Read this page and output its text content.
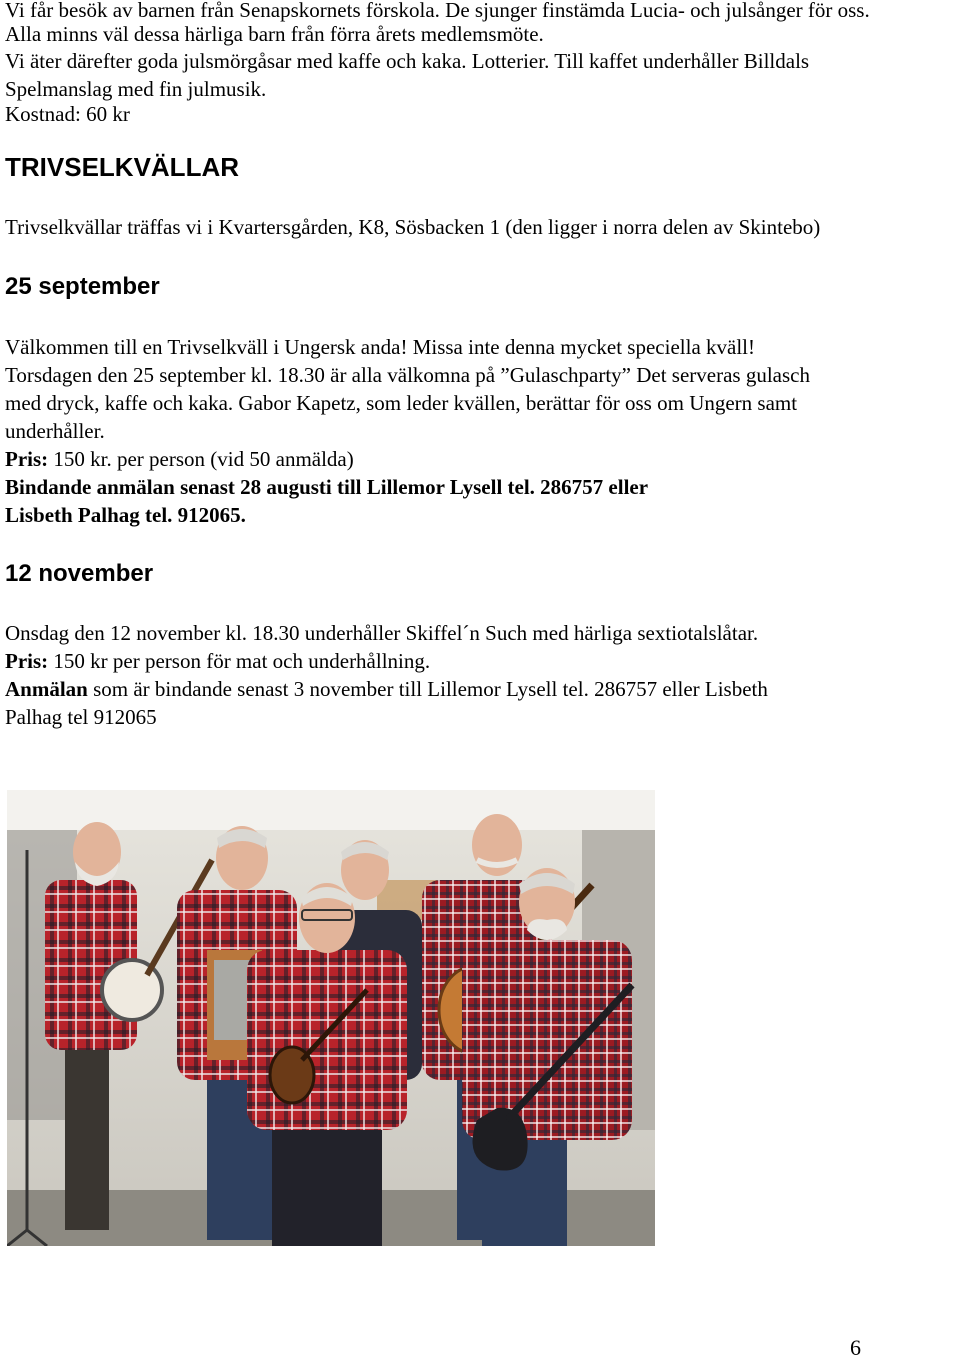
Vi får besök av barnen från Senapskornets förskola. De sjunger finstämda Lucia- och julsånger för oss.

Alla minns väl dessa härliga barn från förra årets medlemsmöte.

Vi äter därefter goda julsmörgåsar med kaffe och kaka. Lotterier. Till kaffet underhåller Billdals

Spelmanslag med fin julmusik.

Kostnad: 60 kr

TRIVSELKVÄLLAR

Trivselkvällar träffas vi i Kvartersgården, K8, Sösbacken 1 (den ligger i norra delen av Skintebo)

25 september

Välkommen till en Trivselkväll i Ungersk anda! Missa inte denna mycket speciella kväll!

Torsdagen den 25 september kl. 18.30 är alla välkomna på ”Gulaschparty” Det serveras gulasch

med dryck, kaffe och kaka. Gabor Kapetz, som leder kvällen, berättar för oss om Ungern samt

underhåller.

Pris: 150 kr. per person (vid 50 anmälda)

Bindande anmälan senast 28 augusti till Lillemor Lysell tel. 286757 eller

Lisbeth Palhag tel. 912065.

12 november

Onsdag den 12 november kl. 18.30 underhåller Skiffel´n Such med härliga sextiotalslåtar.

Pris: 150 kr per person för mat och underhållning.

Anmälan som är bindande senast 3 november till Lillemor Lysell tel. 286757 eller Lisbeth

Palhag tel 912065

6
